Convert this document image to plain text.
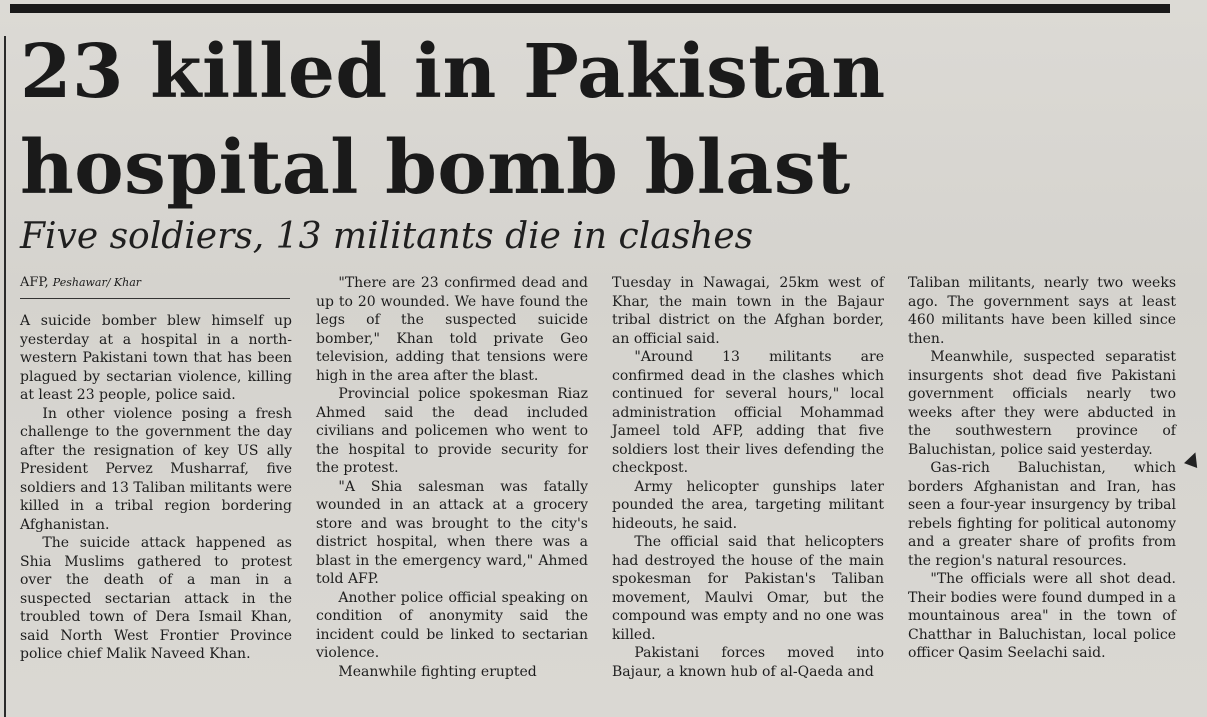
23 killed in Pakistan hospital bomb blast
Five soldiers, 13 militants die in clashes
AFP, Peshawar/ Khar

A suicide bomber blew himself up yesterday at a hospital in a north-western Pakistani town that has been plagued by sectarian violence, killing at least 23 people, police said.

In other violence posing a fresh challenge to the government the day after the resignation of key US ally President Pervez Musharraf, five soldiers and 13 Taliban militants were killed in a tribal region bordering Afghanistan.

The suicide attack happened as Shia Muslims gathered to protest over the death of a man in a suspected sectarian attack in the troubled town of Dera Ismail Khan, said North West Frontier Province police chief Malik Naveed Khan.

"There are 23 confirmed dead and up to 20 wounded. We have found the legs of the suspected suicide bomber," Khan told private Geo television, adding that tensions were high in the area after the blast.

Provincial police spokesman Riaz Ahmed said the dead included civilians and policemen who went to the hospital to provide security for the protest.

"A Shia salesman was fatally wounded in an attack at a grocery store and was brought to the city's district hospital, when there was a blast in the emergency ward," Ahmed told AFP.

Another police official speaking on condition of anonymity said the incident could be linked to sectarian violence.

Meanwhile fighting erupted

Tuesday in Nawagai, 25km west of Khar, the main town in the Bajaur tribal district on the Afghan border, an official said.

"Around 13 militants are confirmed dead in the clashes which continued for several hours," local administration official Mohammad Jameel told AFP, adding that five soldiers lost their lives defending the checkpost.

Army helicopter gunships later pounded the area, targeting militant hideouts, he said.

The official said that helicopters had destroyed the house of the main spokesman for Pakistan's Taliban movement, Maulvi Omar, but the compound was empty and no one was killed.

Pakistani forces moved into Bajaur, a known hub of al-Qaeda and

Taliban militants, nearly two weeks ago. The government says at least 460 militants have been killed since then.

Meanwhile, suspected separatist insurgents shot dead five Pakistani government officials nearly two weeks after they were abducted in the southwestern province of Baluchistan, police said yesterday.

Gas-rich Baluchistan, which borders Afghanistan and Iran, has seen a four-year insurgency by tribal rebels fighting for political autonomy and a greater share of profits from the region's natural resources.

"The officials were all shot dead. Their bodies were found dumped in a mountainous area" in the town of Chatthar in Baluchistan, local police officer Qasim Seelachi said.
